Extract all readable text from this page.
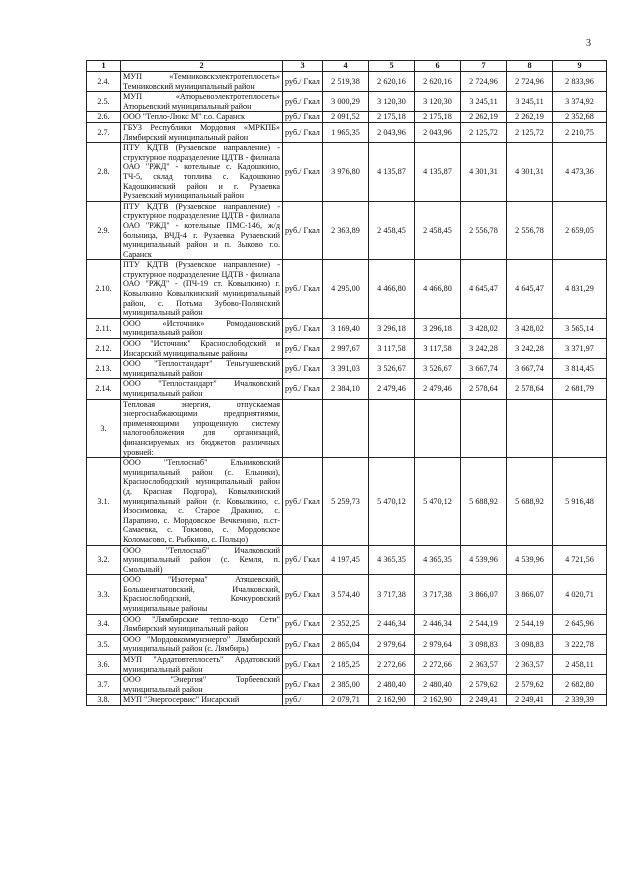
3
1	2	3	4	5	6	7	8	9
2.4.	МУП «Темниковскэлектротеплосеть» Темниковский муниципальный район	руб./ Гкал	2 519,38	2 620,16	2 620,16	2 724,96	2 724,96	2 833,96
2.5.	МУП «Атюрьевоэлектротеплосеть» Атюрьевский муниципальный район	руб./ Гкал	3 000,29	3 120,30	3 120,30	3 245,11	3 245,11	3 374,92
2.6.	ООО "Тепло-Люкс М" г.о. Саранск	руб./ Гкал	2 091,52	2 175,18	2 175,18	2 262,19	2 262,19	2 352,68
2.7.	ГБУЗ Республики Мордовия «МРКПБ» Лямбирский муниципальный район	руб./ Гкал	1 965,35	2 043,96	2 043,96	2 125,72	2 125,72	2 210,75
2.8.	ПТУ КДТВ (Рузаевское направление) - структурное подразделение ЦДТВ - филиала ОАО "РЖД" - котельные с. Кадошкино, ТЧ-5, склад топлива с. Кадошкино Кадошкинский район и г. Рузаевка Рузаевский муниципальный район	руб./ Гкал	3 976,80	4 135,87	4 135,87	4 301,31	4 301,31	4 473,36
2.9.	ПТУ КДТВ (Рузаевское направление) - структурное подразделение ЦДТВ - филиала ОАО "РЖД" - котельные ПМС-146, ж/д больница, ВЧД-4 г. Рузаевка Рузаевский муниципальный район и п. Зыково г.о. Саранск	руб./ Гкал	2 363,89	2 458,45	2 458,45	2 556,78	2 556,78	2 659,05
2.10.	ПТУ КДТВ (Рузаевское направление) - структурное подразделение ЦДТВ - филиала ОАО "РЖД" - (ПЧ-19 ст. Ковылкино) г. Ковылкино Ковылкинский муниципальный район, с. Потьма Зубово-Полянский муниципальный район	руб./ Гкал	4 295,00	4 466,80	4 466,80	4 645,47	4 645,47	4 831,29
2.11.	ООО «Источник» Ромодановский муниципальный район	руб./ Гкал	3 169,40	3 296,18	3 296,18	3 428,02	3 428,02	3 565,14
2.12.	ООО "Источник" Краснослободский и Инсарский муниципальные районы	руб./ Гкал	2 997,67	3 117,58	3 117,58	3 242,28	3 242,28	3 371,97
2.13.	ООО "Теплостандарт" Теньгушевский муниципальный район	руб./ Гкал	3 391,03	3 526,67	3 526,67	3 667,74	3 667,74	3 814,45
2.14.	ООО "Теплостандарт" Ичалковский муниципальный район	руб./ Гкал	2 384,10	2 479,46	2 479,46	2 578,64	2 578,64	2 681,79
3.	Тепловая энергия, отпускаемая энергоснабжающими предприятиями, применяющими упрощенную систему налогообложения для организаций, финансируемых из бюджетов различных уровней:							
3.1.	ООО "Теплоснаб" Ельниковский муниципальный район (с. Ельники), Краснослободский муниципальный район (д. Красная Подгора), Ковылкинский муниципальный район (г. Ковылкино, с. Изосимовка, с. Старое Дракино, с. Парапино, с. Мордовское Вечкенино, п.ст-Самаевка, с. Токмово, с. Мордовское Коломасово, с. Рыбкино, с. Польцо)	руб./ Гкал	5 259,73	5 470,12	5 470,12	5 688,92	5 688,92	5 916,48
3.2.	ООО "Теплоснаб" Ичалковский муниципальный район (с. Кемля, п. Смольный)	руб./ Гкал	4 197,45	4 365,35	4 365,35	4 539,96	4 539,96	4 721,56
3.3.	ООО "Изотерма" Атяшевский, Большеигнатовский, Ичалковский, Краснослободский, Кочкуровский муниципальные районы	руб./ Гкал	3 574,40	3 717,38	3 717,38	3 866,07	3 866,07	4 020,71
3.4.	ООО "Лямбирские тепло-водо Сети" Лямбирский муниципальный район	руб./ Гкал	2 352,25	2 446,34	2 446,34	2 544,19	2 544,19	2 645,96
3.5.	ООО "Мордовкоммунэнерго" Лямбирский муниципальный район (с. Лямбирь)	руб./ Гкал	2 865,04	2 979,64	2 979,64	3 098,83	3 098,83	3 222,78
3.6.	МУП "Ардатовтеплосеть" Ардатовский муниципальный район	руб./ Гкал	2 185,25	2 272,66	2 272,66	2 363,57	2 363,57	2 458,11
3.7.	ООО "Энергия" Торбеевский муниципальный район	руб./ Гкал	2 385,00	2 480,40	2 480,40	2 579,62	2 579,62	2 682,80
3.8.	МУП "Энергосервис" Инсарский	руб./	2 079,71	2 162,90	2 162,90	2 249,41	2 249,41	2 339,39
